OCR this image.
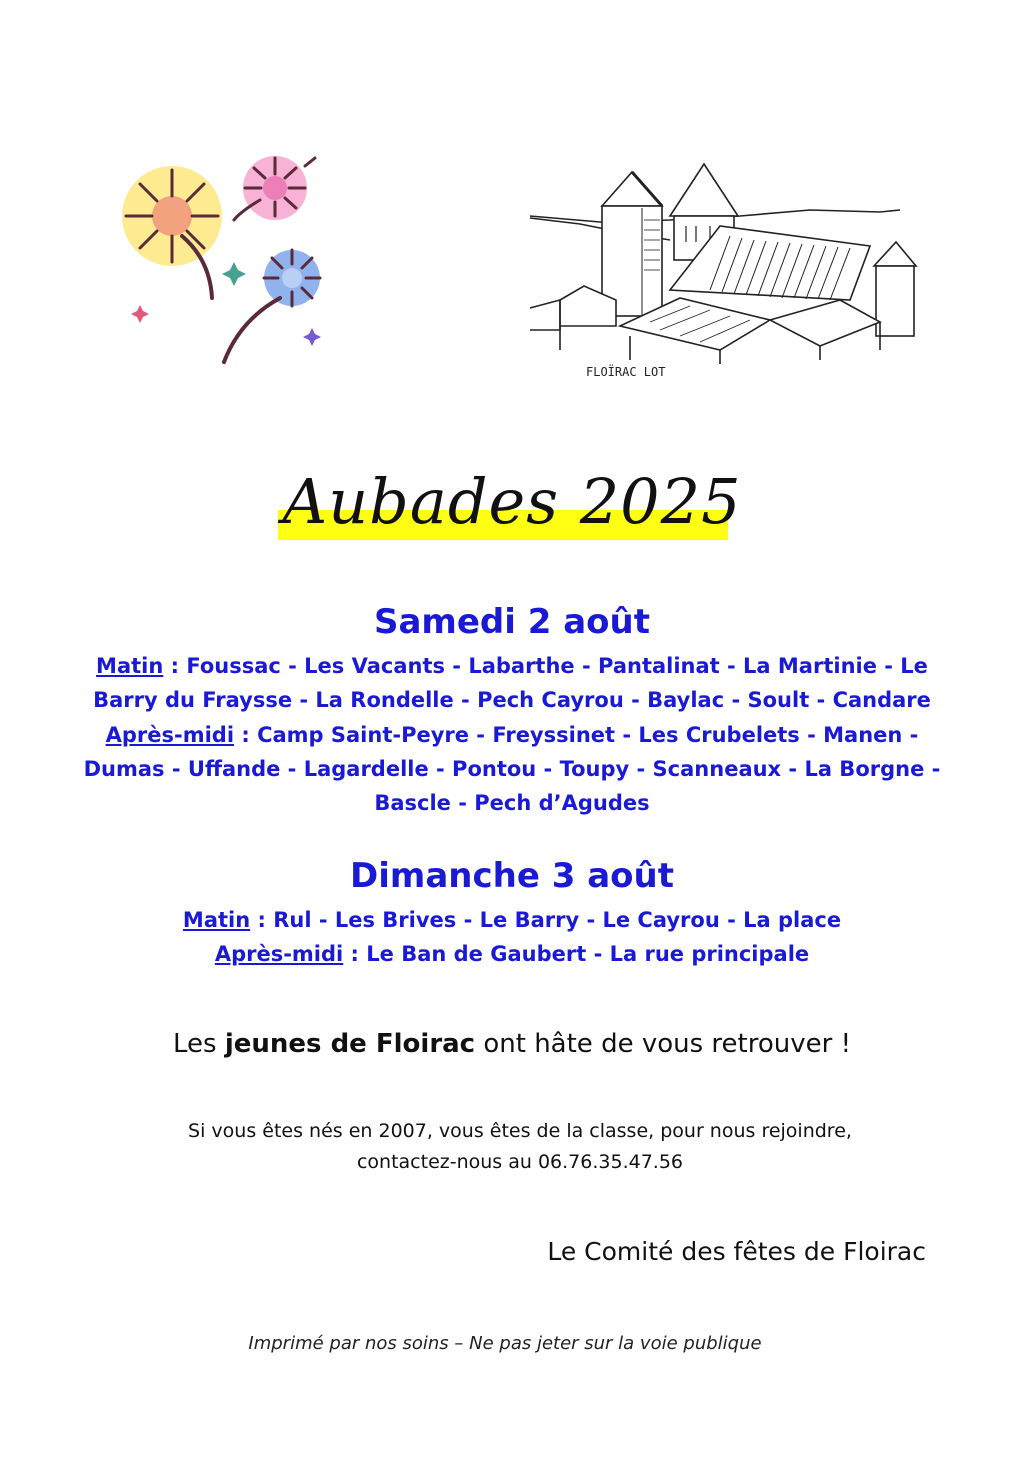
FLOÏRAC LOT
Aubades 2025
Samedi 2 août
Matin : Foussac - Les Vacants - Labarthe - Pantalinat - La Martinie - Le Barry du Fraysse - La Rondelle - Pech Cayrou - Baylac - Soult - Candare
Après-midi : Camp Saint-Peyre - Freyssinet - Les Crubelets - Manen - Dumas - Uffande - Lagardelle - Pontou - Toupy - Scanneaux - La Borgne - Bascle - Pech d’Agudes
Dimanche 3 août
Matin : Rul - Les Brives - Le Barry - Le Cayrou - La place
Après-midi : Le Ban de Gaubert - La rue principale
Les jeunes de Floirac ont hâte de vous retrouver !
Si vous êtes nés en 2007, vous êtes de la classe, pour nous rejoindre,
contactez-nous au 06.76.35.47.56
Le Comité des fêtes de Floirac
Imprimé par nos soins – Ne pas jeter sur la voie publique
